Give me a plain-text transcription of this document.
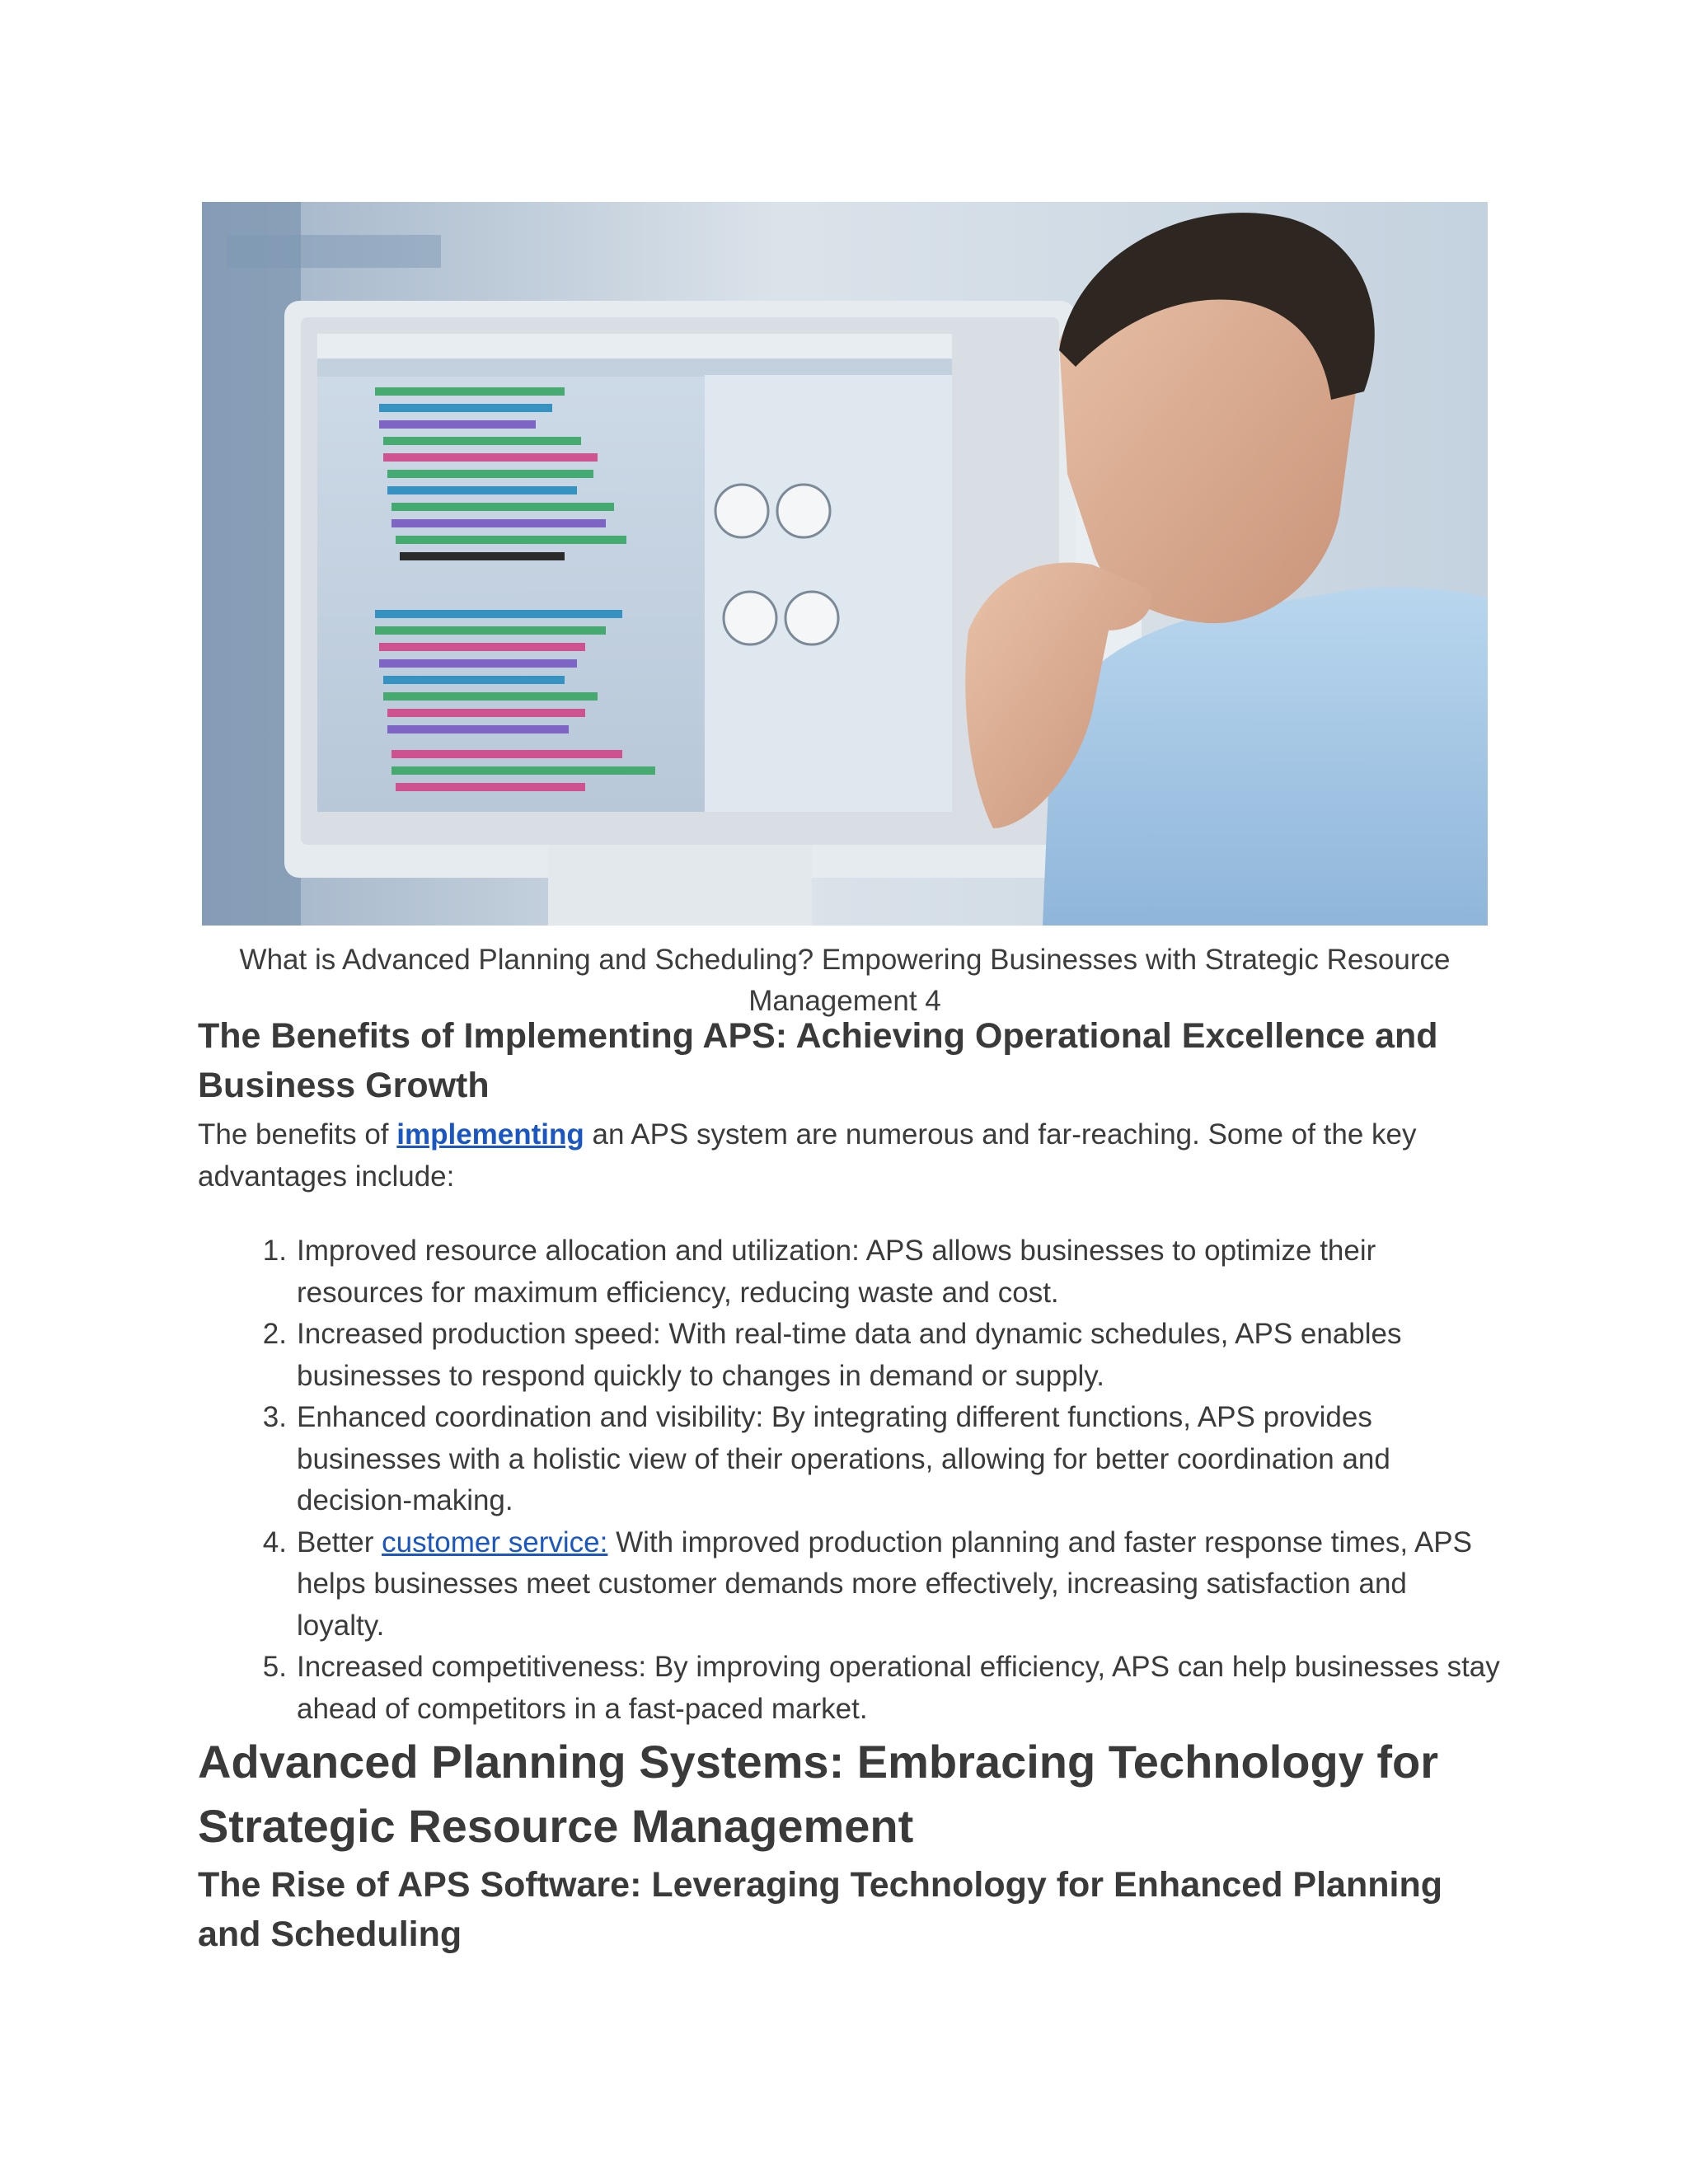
What is Advanced Planning and Scheduling? Empowering Businesses with Strategic Resource Management 4
The Benefits of Implementing APS: Achieving Operational Excellence and Business Growth

The benefits of implementing an APS system are numerous and far-reaching. Some of the key advantages include:

1. Improved resource allocation and utilization: APS allows businesses to optimize their resources for maximum efficiency, reducing waste and cost.
2. Increased production speed: With real-time data and dynamic schedules, APS enables businesses to respond quickly to changes in demand or supply.
3. Enhanced coordination and visibility: By integrating different functions, APS provides businesses with a holistic view of their operations, allowing for better coordination and decision-making.
4. Better customer service: With improved production planning and faster response times, APS helps businesses meet customer demands more effectively, increasing satisfaction and loyalty.
5. Increased competitiveness: By improving operational efficiency, APS can help businesses stay ahead of competitors in a fast-paced market.
Advanced Planning Systems: Embracing Technology for Strategic Resource Management
The Rise of APS Software: Leveraging Technology for Enhanced Planning and Scheduling
